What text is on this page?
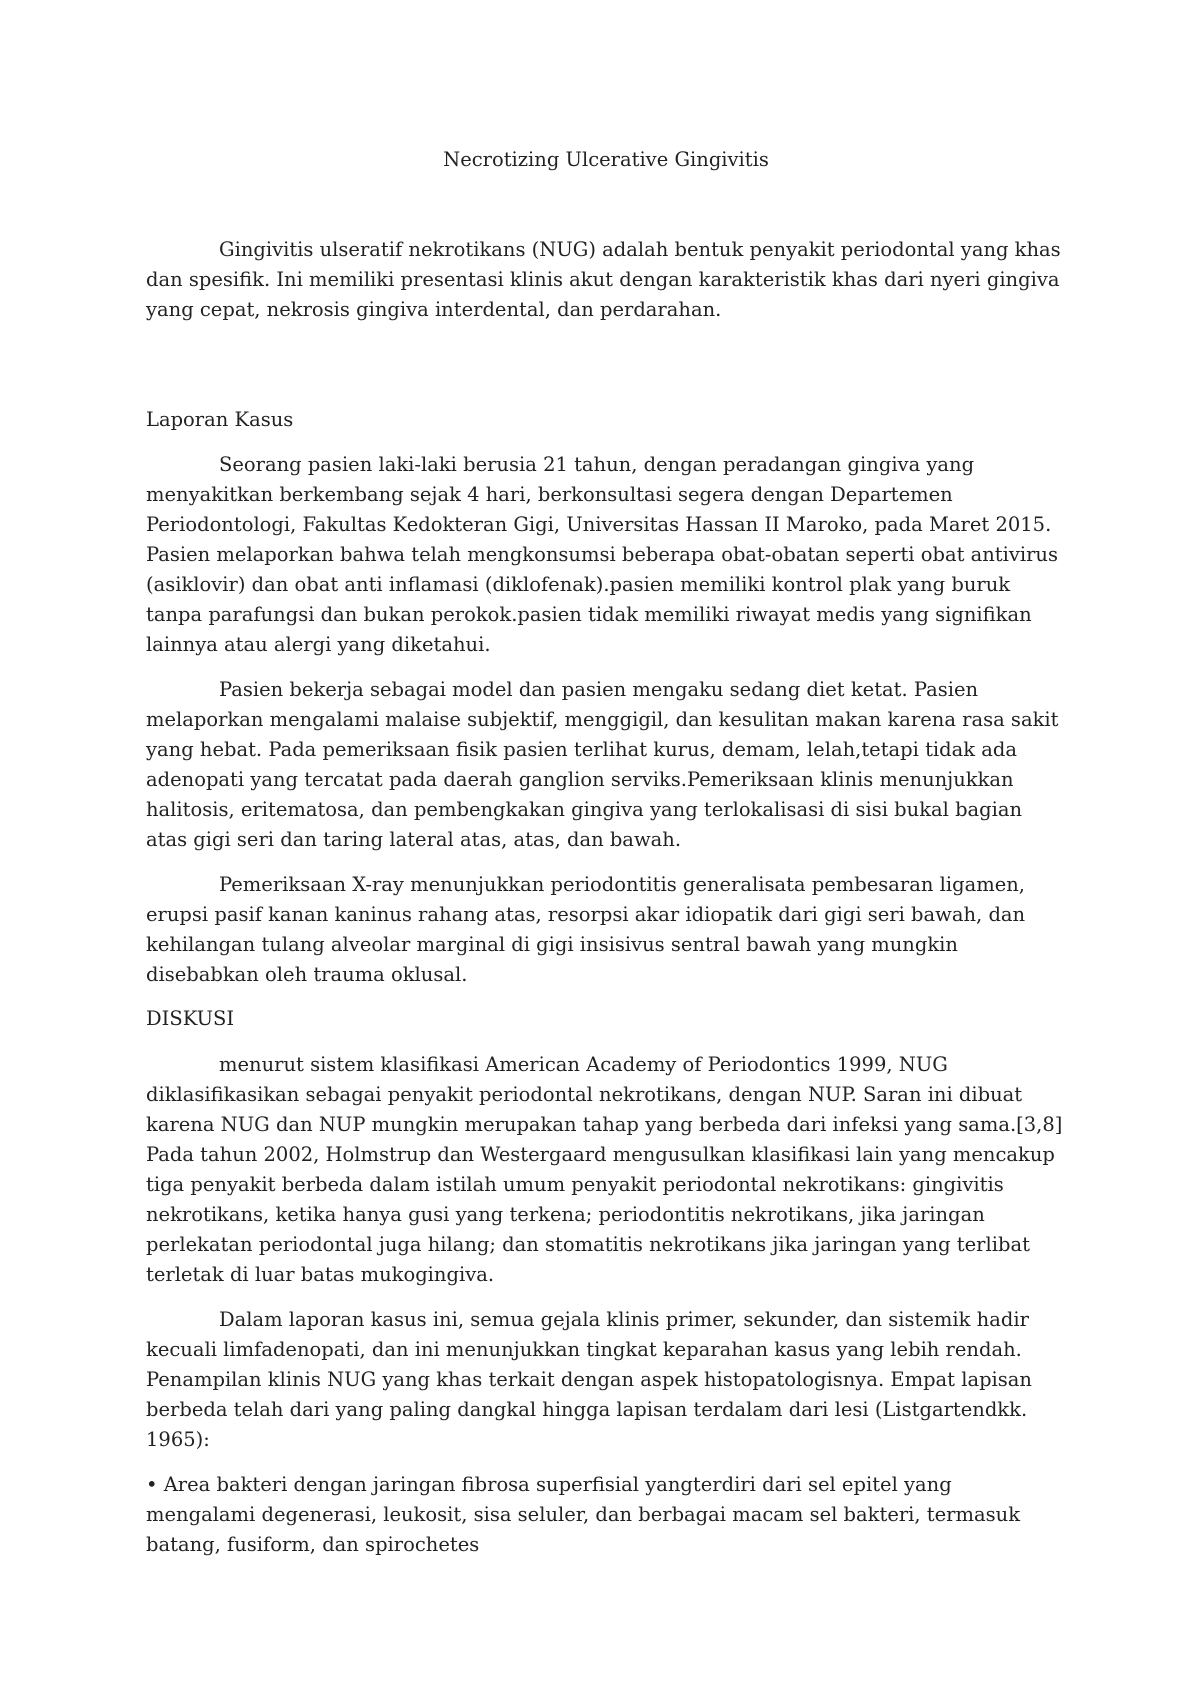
Necrotizing Ulcerative Gingivitis

Gingivitis ulseratif nekrotikans (NUG) adalah bentuk penyakit periodontal yang khas dan spesifik. Ini memiliki presentasi klinis akut dengan karakteristik khas dari nyeri gingiva yang cepat, nekrosis gingiva interdental, dan perdarahan.

Laporan Kasus

Seorang pasien laki-laki berusia 21 tahun, dengan peradangan gingiva yang menyakitkan berkembang sejak 4 hari, berkonsultasi segera dengan Departemen Periodontologi, Fakultas Kedokteran Gigi, Universitas Hassan II Maroko, pada Maret 2015. Pasien melaporkan bahwa telah mengkonsumsi beberapa obat-obatan seperti obat antivirus (asiklovir) dan obat anti inflamasi (diklofenak).pasien memiliki kontrol plak yang buruk tanpa parafungsi dan bukan perokok.pasien tidak memiliki riwayat medis yang signifikan lainnya atau alergi yang diketahui.

Pasien bekerja sebagai model dan pasien mengaku sedang diet ketat. Pasien melaporkan mengalami malaise subjektif, menggigil, dan kesulitan makan karena rasa sakit yang hebat. Pada pemeriksaan fisik pasien terlihat kurus, demam, lelah,tetapi tidak ada adenopati yang tercatat pada daerah ganglion serviks.Pemeriksaan klinis menunjukkan halitosis, eritematosa, dan pembengkakan gingiva yang terlokalisasi di sisi bukal bagian atas gigi seri dan taring lateral atas, atas, dan bawah.

Pemeriksaan X-ray menunjukkan periodontitis generalisata pembesaran ligamen, erupsi pasif kanan kaninus rahang atas, resorpsi akar idiopatik dari gigi seri bawah, dan kehilangan tulang alveolar marginal di gigi insisivus sentral bawah yang mungkin disebabkan oleh trauma oklusal.

DISKUSI

menurut sistem klasifikasi American Academy of Periodontics 1999, NUG diklasifikasikan sebagai penyakit periodontal nekrotikans, dengan NUP. Saran ini dibuat karena NUG dan NUP mungkin merupakan tahap yang berbeda dari infeksi yang sama.[3,8] Pada tahun 2002, Holmstrup dan Westergaard mengusulkan klasifikasi lain yang mencakup tiga penyakit berbeda dalam istilah umum penyakit periodontal nekrotikans: gingivitis nekrotikans, ketika hanya gusi yang terkena; periodontitis nekrotikans, jika jaringan perlekatan periodontal juga hilang; dan stomatitis nekrotikans jika jaringan yang terlibat terletak di luar batas mukogingiva.

Dalam laporan kasus ini, semua gejala klinis primer, sekunder, dan sistemik hadir kecuali limfadenopati, dan ini menunjukkan tingkat keparahan kasus yang lebih rendah. Penampilan klinis NUG yang khas terkait dengan aspek histopatologisnya. Empat lapisan berbeda telah dari yang paling dangkal hingga lapisan terdalam dari lesi (Listgartendkk. 1965):

• Area bakteri dengan jaringan fibrosa superfisial yangterdiri dari sel epitel yang mengalami degenerasi, leukosit, sisa seluler, dan berbagai macam sel bakteri, termasuk batang, fusiform, dan spirochetes
